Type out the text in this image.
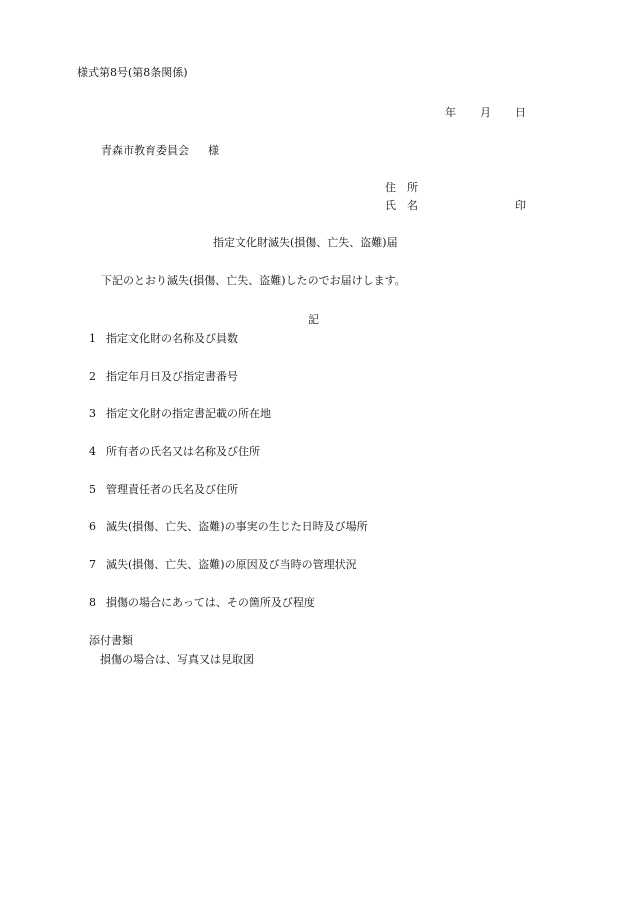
様式第8号(第8条関係)
年 月 日
青森市教育委員会 様
住　所
氏　名	印
指定文化財滅失(損傷、亡失、盗難)届
下記のとおり滅失(損傷、亡失、盗難)したのでお届けします。
記
1 指定文化財の名称及び員数
2 指定年月日及び指定書番号
3 指定文化財の指定書記載の所在地
4 所有者の氏名又は名称及び住所
5 管理責任者の氏名及び住所
6 滅失(損傷、亡失、盗難)の事実の生じた日時及び場所
7 滅失(損傷、亡失、盗難)の原因及び当時の管理状況
8 損傷の場合にあっては、その箇所及び程度
添付書類
損傷の場合は、写真又は見取図
